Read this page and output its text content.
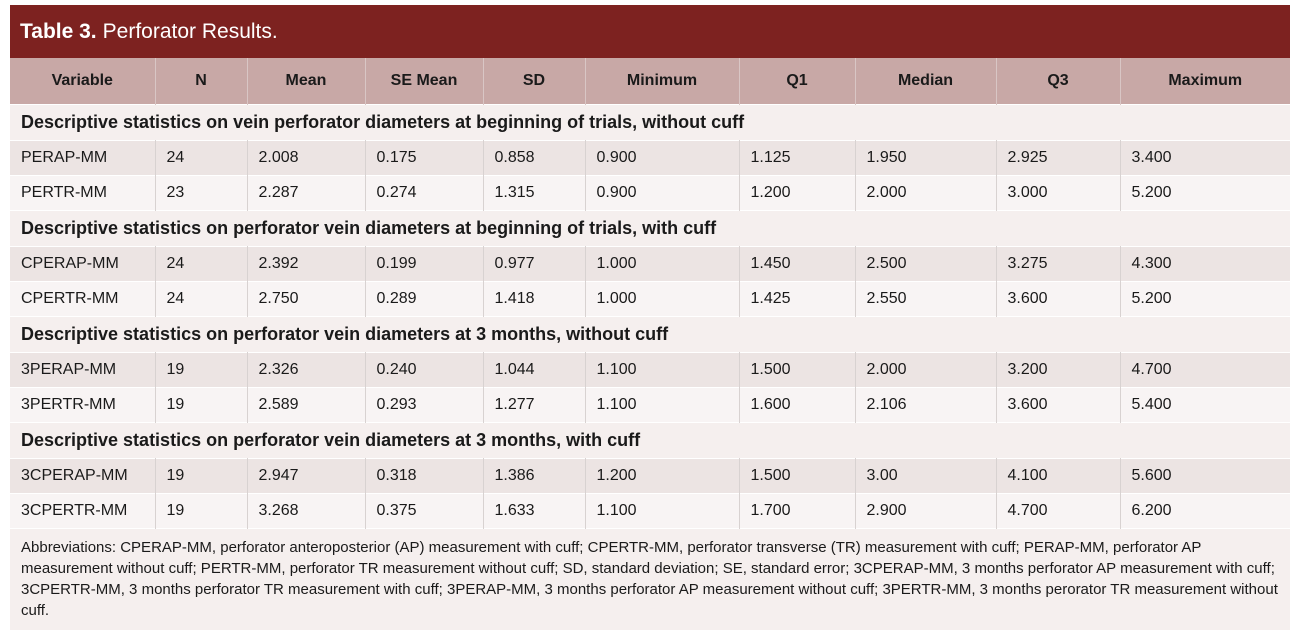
Table 3. Perforator Results.
Variable	N	Mean	SE Mean	SD	Minimum	Q1	Median	Q3	Maximum
Descriptive statistics on vein perforator diameters at beginning of trials, without cuff									
PERAP-MM	24	2.008	0.175	0.858	0.900	1.125	1.950	2.925	3.400
PERTR-MM	23	2.287	0.274	1.315	0.900	1.200	2.000	3.000	5.200
Descriptive statistics on perforator vein diameters at beginning of trials, with cuff									
CPERAP-MM	24	2.392	0.199	0.977	1.000	1.450	2.500	3.275	4.300
CPERTR-MM	24	2.750	0.289	1.418	1.000	1.425	2.550	3.600	5.200
Descriptive statistics on perforator vein diameters at 3 months, without cuff									
3PERAP-MM	19	2.326	0.240	1.044	1.100	1.500	2.000	3.200	4.700
3PERTR-MM	19	2.589	0.293	1.277	1.100	1.600	2.106	3.600	5.400
Descriptive statistics on perforator vein diameters at 3 months, with cuff									
3CPERAP-MM	19	2.947	0.318	1.386	1.200	1.500	3.00	4.100	5.600
3CPERTR-MM	19	3.268	0.375	1.633	1.100	1.700	2.900	4.700	6.200
Abbreviations: CPERAP-MM, perforator anteroposterior (AP) measurement with cuff; CPERTR-MM, perforator transverse (TR) measurement with cuff; PERAP-MM, perforator AP measurement without cuff; PERTR-MM, perforator TR measurement without cuff; SD, standard deviation; SE, standard error; 3CPERAP-MM, 3 months perforator AP measurement with cuff; 3CPERTR-MM, 3 months perforator TR measurement with cuff; 3PERAP-MM, 3 months perforator AP measurement without cuff; 3PERTR-MM, 3 months perorator TR measurement without cuff.									
